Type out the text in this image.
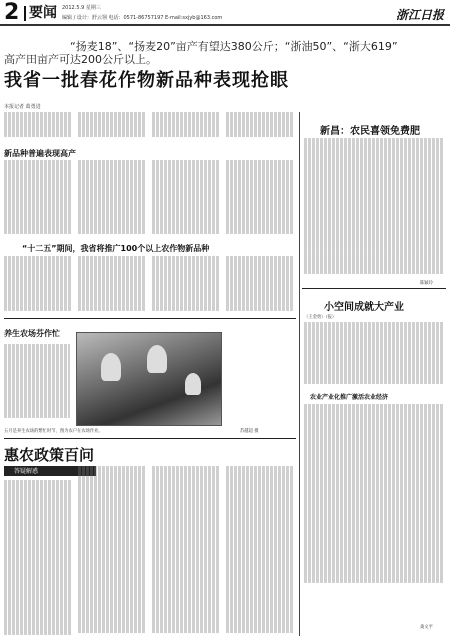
2 要闻 2012.5.9 星期三
编辑 / 设计：舒云翎 电话：0571-86757197 E-mail:sxjyb@163.com	浙江日报
“扬麦18”、“扬麦20”亩产有望达380公斤；“浙油50”、“浙大619”
高产田亩产可达200公斤以上。
我省一批春花作物新品种表现抢眼
本报记者 葛勇进
新品种普遍表现高产
“十二五”期间，我省将推广100个以上农作物新品种
养生农场芬作忙
五月是养生农场的繁忙时节，图为农户在农场作业。	苏越超 摄
惠农政策百问
答疑解惑
新昌：农民喜领免费肥
陈颖玲
小空间成就大产业
（王金勇）（报）
农业产业化推广激活农业经济
桑文平
